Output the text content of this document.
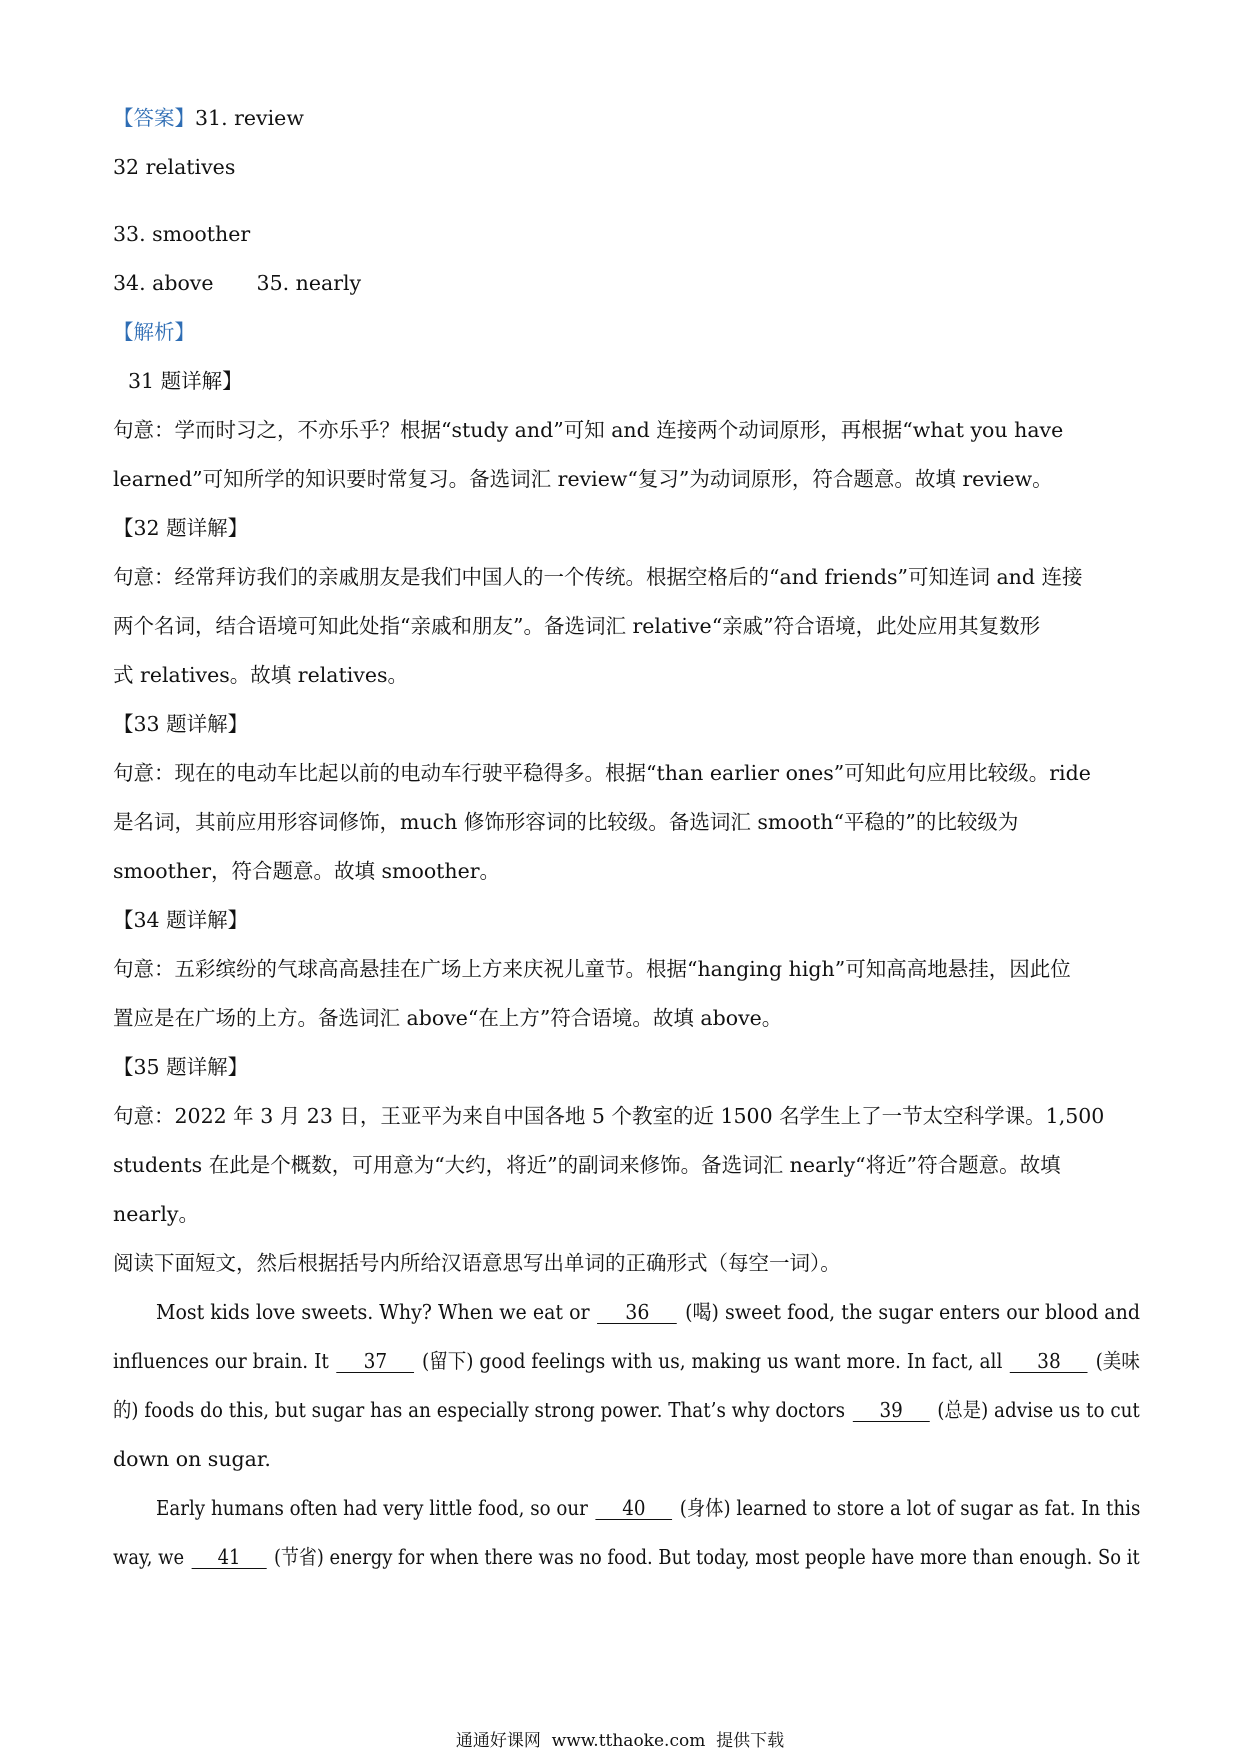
【答案】31. review

32 relatives

33. smoother

34. above 35. nearly

【解析】

31 题详解】

句意：学而时习之，不亦乐乎？根据“study and”可知 and 连接两个动词原形，再根据“what you have

learned”可知所学的知识要时常复习。备选词汇 review“复习”为动词原形，符合题意。故填 review。

【32 题详解】

句意：经常拜访我们的亲戚朋友是我们中国人的一个传统。根据空格后的“and friends”可知连词 and 连接

两个名词，结合语境可知此处指“亲戚和朋友”。备选词汇 relative“亲戚”符合语境，此处应用其复数形

式 relatives。故填 relatives。

【33 题详解】

句意：现在的电动车比起以前的电动车行驶平稳得多。根据“than earlier ones”可知此句应用比较级。ride

是名词，其前应用形容词修饰，much 修饰形容词的比较级。备选词汇 smooth“平稳的”的比较级为

smoother，符合题意。故填 smoother。

【34 题详解】

句意：五彩缤纷的气球高高悬挂在广场上方来庆祝儿童节。根据“hanging high”可知高高地悬挂，因此位

置应是在广场的上方。备选词汇 above“在上方”符合语境。故填 above。

【35 题详解】

句意：2022 年 3 月 23 日，王亚平为来自中国各地 5 个教室的近 1500 名学生上了一节太空科学课。1,500

students 在此是个概数，可用意为“大约，将近”的副词来修饰。备选词汇 nearly“将近”符合题意。故填

nearly。

阅读下面短文，然后根据括号内所给汉语意思写出单词的正确形式（每空一词）。

Most kids love sweets. Why? When we eat or 36 (喝) sweet food, the sugar enters our blood and

influences our brain. It 37 (留下) good feelings with us, making us want more. In fact, all 38 (美味

的) foods do this, but sugar has an especially strong power. That’s why doctors 39 (总是) advise us to cut

down on sugar.

Early humans often had very little food, so our 40 (身体) learned to store a lot of sugar as fat. In this

way, we 41 (节省) energy for when there was no food. But today, most people have more than enough. So it

通通好课网 www.tthaoke.com 提供下载
